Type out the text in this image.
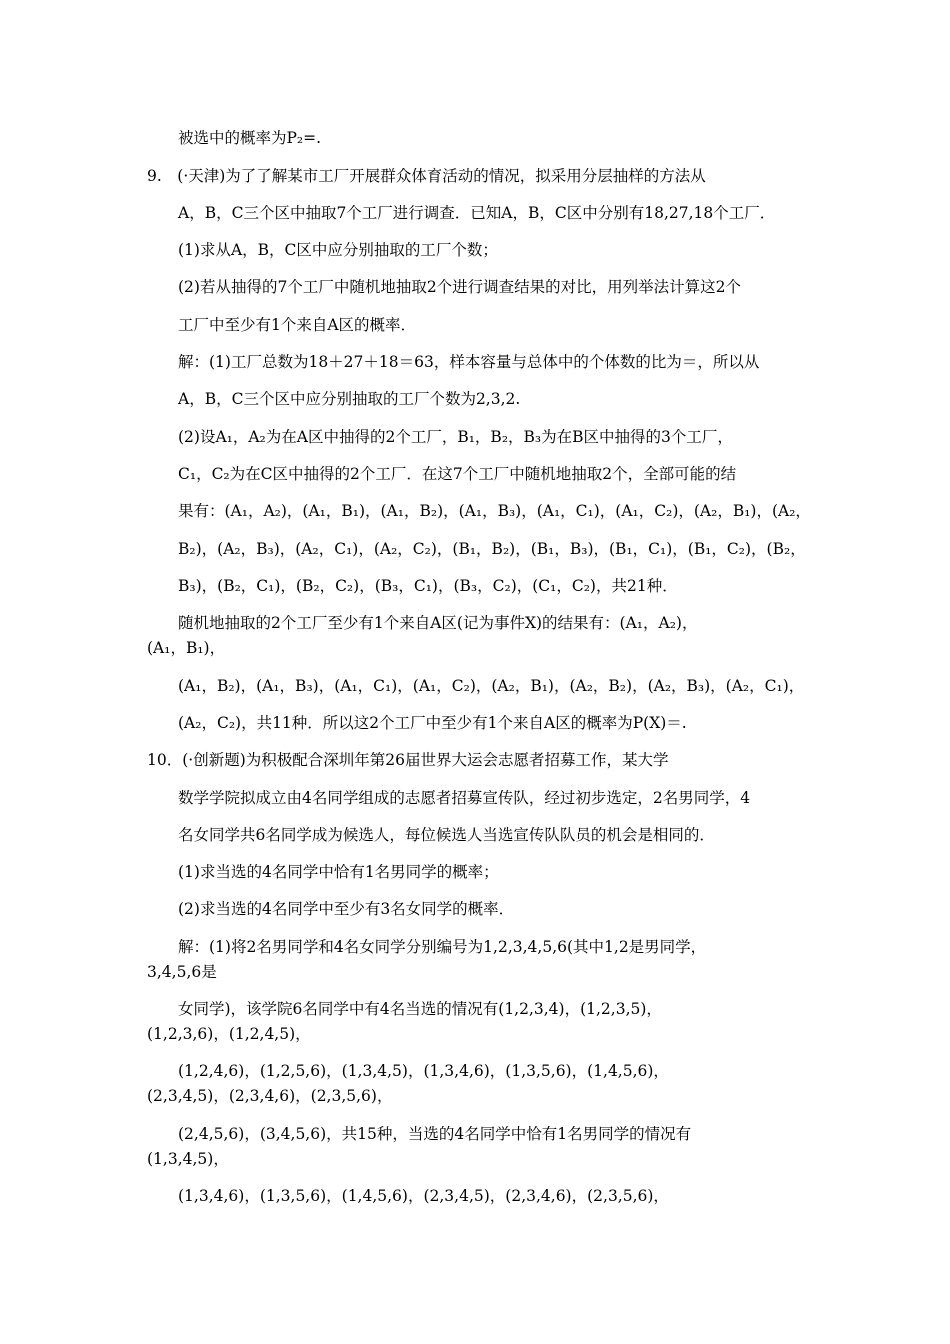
被选中的概率为P₂=.
9.　(·天津)为了了解某市工厂开展群众体育活动的情况，拟采用分层抽样的方法从
A，B，C三个区中抽取7个工厂进行调查．已知A，B，C区中分别有18,27,18个工厂．
(1)求从A，B，C区中应分别抽取的工厂个数；
(2)若从抽得的7个工厂中随机地抽取2个进行调查结果的对比，用列举法计算这2个
工厂中至少有1个来自A区的概率．
解：(1)工厂总数为18＋27＋18＝63，样本容量与总体中的个体数的比为＝，所以从
A，B，C三个区中应分别抽取的工厂个数为2,3,2.
(2)设A₁，A₂为在A区中抽得的2个工厂，B₁，B₂，B₃为在B区中抽得的3个工厂，
C₁，C₂为在C区中抽得的2个工厂．在这7个工厂中随机地抽取2个，全部可能的结
果有：(A₁，A₂)，(A₁，B₁)，(A₁，B₂)，(A₁，B₃)，(A₁，C₁)，(A₁，C₂)，(A₂，B₁)，(A₂，
B₂)，(A₂，B₃)，(A₂，C₁)，(A₂，C₂)，(B₁，B₂)，(B₁，B₃)，(B₁，C₁)，(B₁，C₂)，(B₂，
B₃)，(B₂，C₁)，(B₂，C₂)，(B₃，C₁)，(B₃，C₂)，(C₁，C₂)，共21种．
随机地抽取的2个工厂至少有1个来自A区(记为事件X)的结果有：(A₁，A₂)，
(A₁，B₁)，
(A₁，B₂)，(A₁，B₃)，(A₁，C₁)，(A₁，C₂)，(A₂，B₁)，(A₂，B₂)，(A₂，B₃)，(A₂，C₁)，
(A₂，C₂)，共11种．所以这2个工厂中至少有1个来自A区的概率为P(X)＝.
10．(·创新题)为积极配合深圳年第26届世界大运会志愿者招募工作，某大学
数学学院拟成立由4名同学组成的志愿者招募宣传队，经过初步选定，2名男同学，4
名女同学共6名同学成为候选人，每位候选人当选宣传队队员的机会是相同的．
(1)求当选的4名同学中恰有1名男同学的概率；
(2)求当选的4名同学中至少有3名女同学的概率．
解：(1)将2名男同学和4名女同学分别编号为1,2,3,4,5,6(其中1,2是男同学，
3,4,5,6是
女同学)，该学院6名同学中有4名当选的情况有(1,2,3,4)，(1,2,3,5)，
(1,2,3,6)，(1,2,4,5)，
(1,2,4,6)，(1,2,5,6)，(1,3,4,5)，(1,3,4,6)，(1,3,5,6)，(1,4,5,6)，
(2,3,4,5)，(2,3,4,6)，(2,3,5,6)，
(2,4,5,6)，(3,4,5,6)，共15种，当选的4名同学中恰有1名男同学的情况有
(1,3,4,5)，
(1,3,4,6)，(1,3,5,6)，(1,4,5,6)，(2,3,4,5)，(2,3,4,6)，(2,3,5,6)，
